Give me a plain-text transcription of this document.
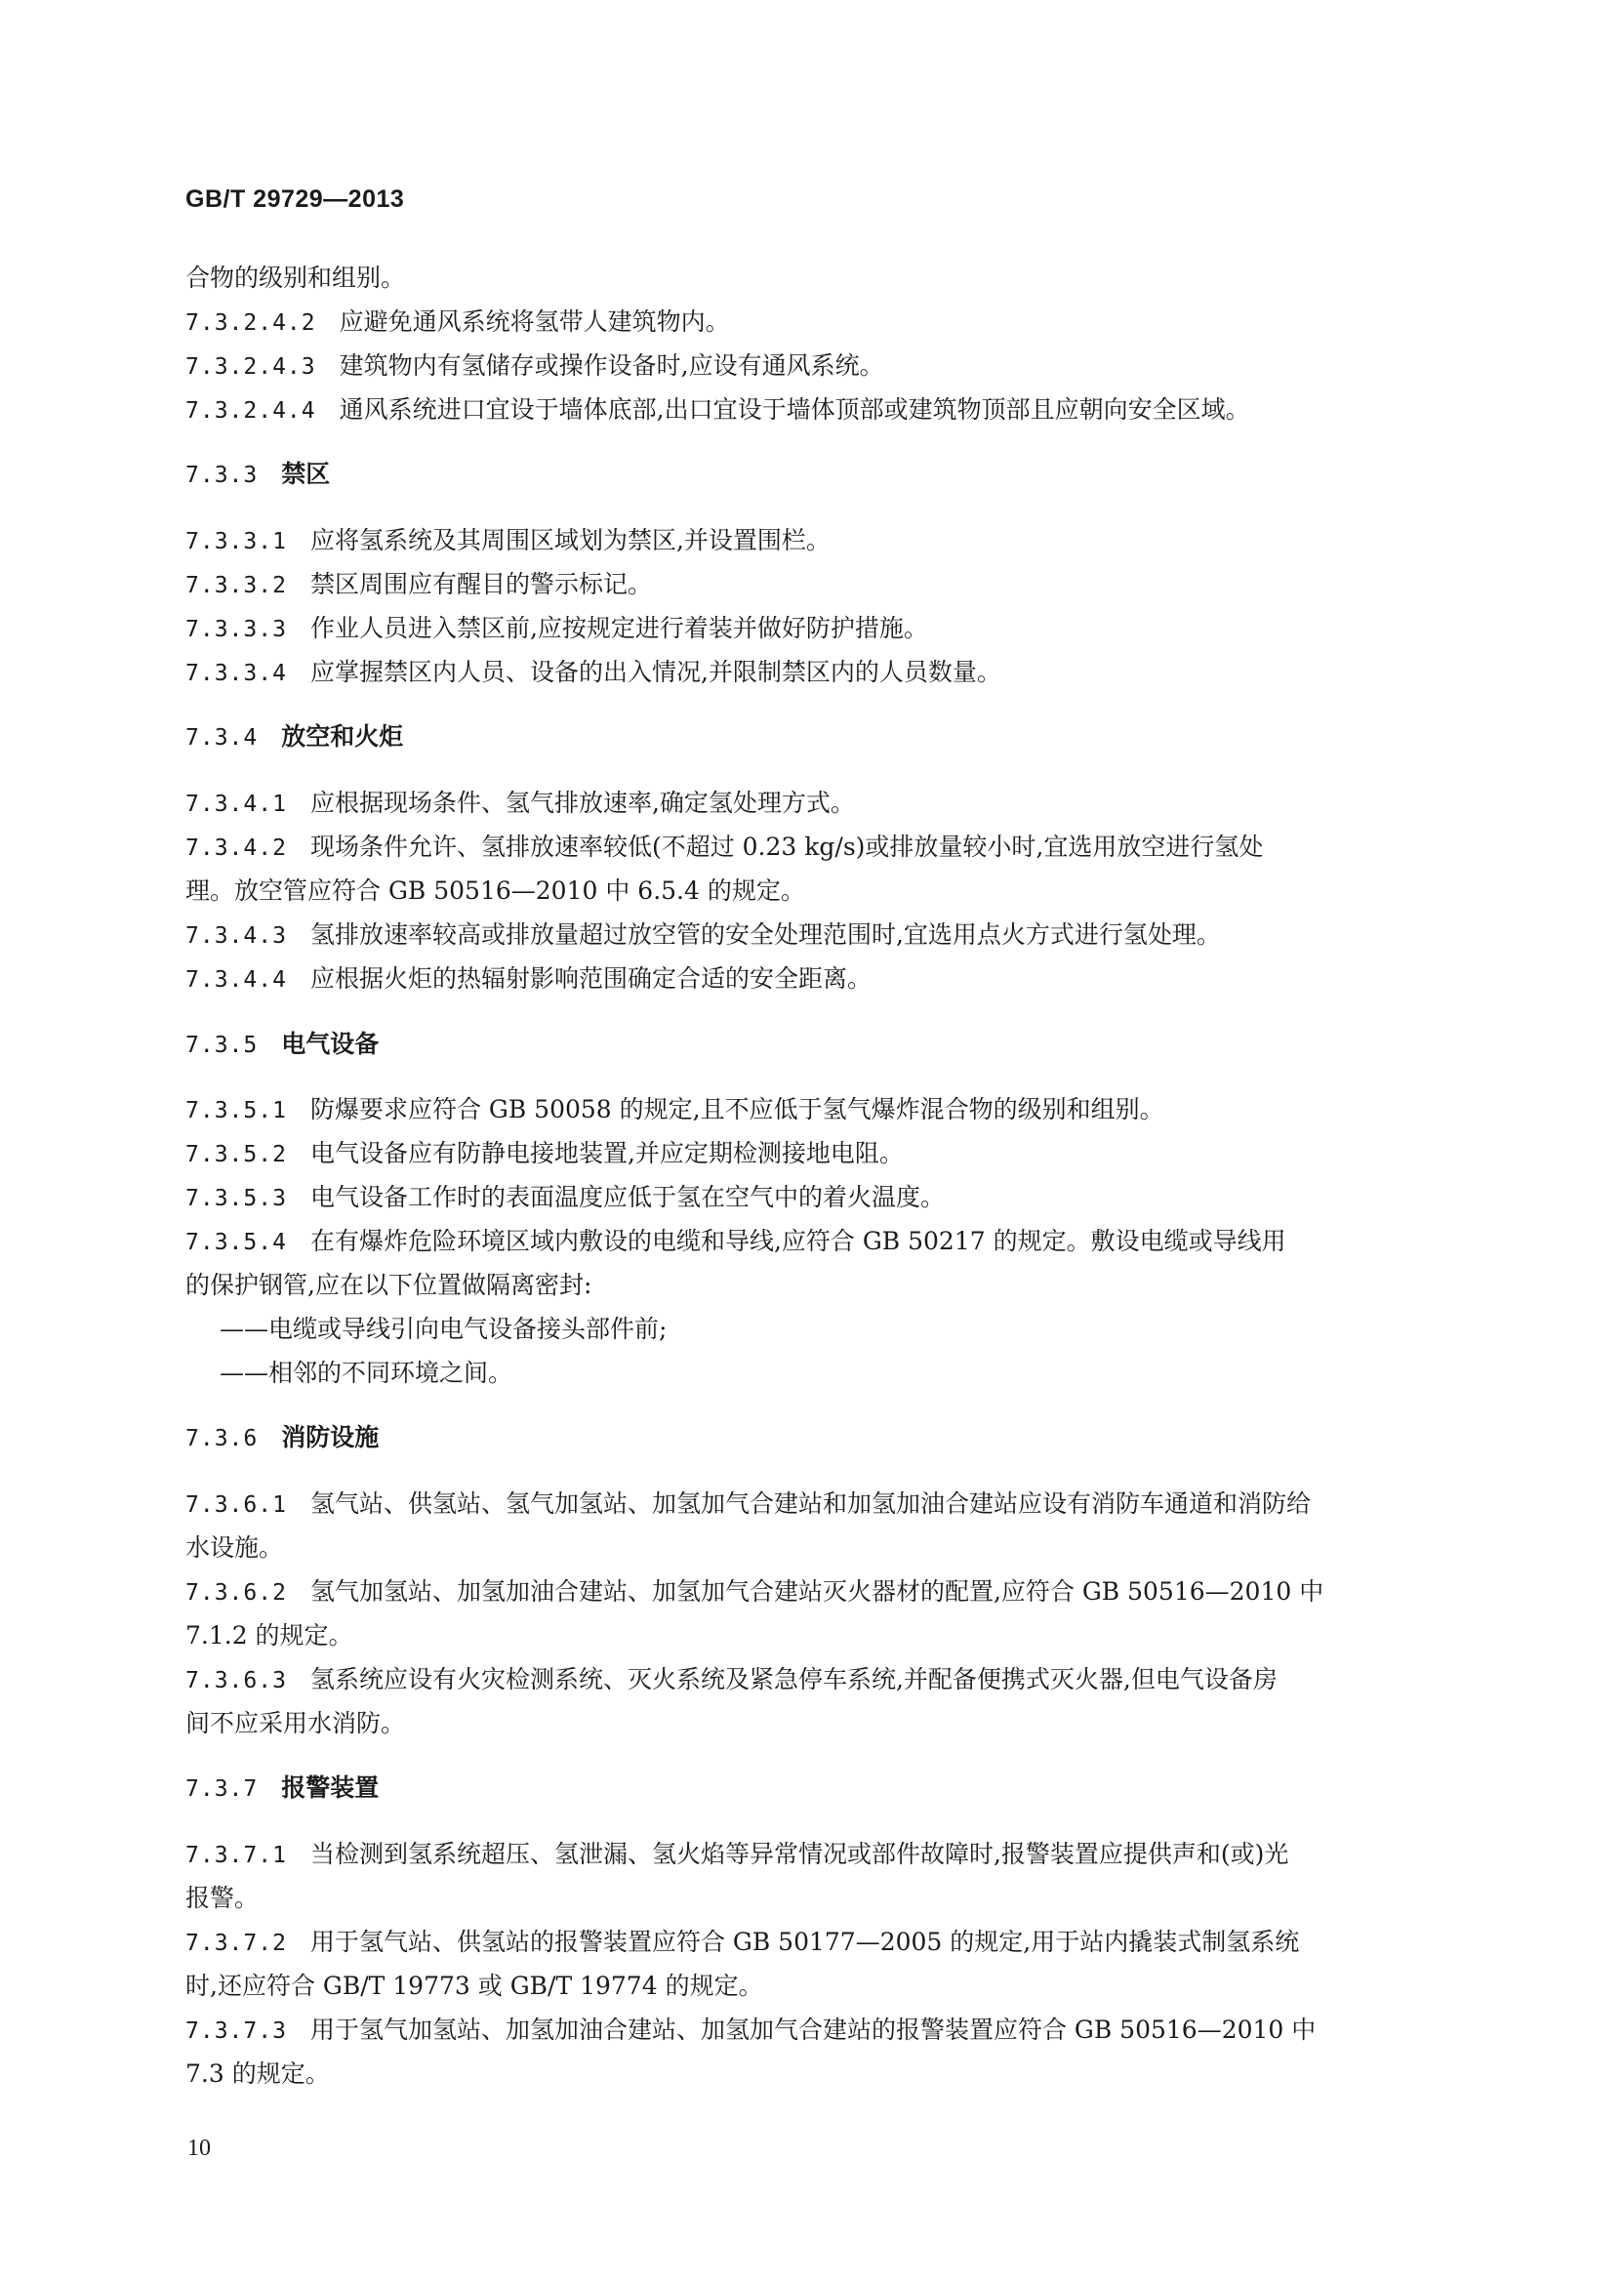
GB/T 29729—2013
合物的级别和组别。
7.3.2.4.2 应避免通风系统将氢带人建筑物内。
7.3.2.4.3 建筑物内有氢储存或操作设备时,应设有通风系统。
7.3.2.4.4 通风系统进口宜设于墙体底部,出口宜设于墙体顶部或建筑物顶部且应朝向安全区域。
7.3.3 禁区
7.3.3.1 应将氢系统及其周围区域划为禁区,并设置围栏。
7.3.3.2 禁区周围应有醒目的警示标记。
7.3.3.3 作业人员进入禁区前,应按规定进行着装并做好防护措施。
7.3.3.4 应掌握禁区内人员、设备的出入情况,并限制禁区内的人员数量。
7.3.4 放空和火炬
7.3.4.1 应根据现场条件、氢气排放速率,确定氢处理方式。
7.3.4.2 现场条件允许、氢排放速率较低(不超过 0.23 kg/s)或排放量较小时,宜选用放空进行氢处
理。放空管应符合 GB 50516—2010 中 6.5.4 的规定。
7.3.4.3 氢排放速率较高或排放量超过放空管的安全处理范围时,宜选用点火方式进行氢处理。
7.3.4.4 应根据火炬的热辐射影响范围确定合适的安全距离。
7.3.5 电气设备
7.3.5.1 防爆要求应符合 GB 50058 的规定,且不应低于氢气爆炸混合物的级别和组别。
7.3.5.2 电气设备应有防静电接地装置,并应定期检测接地电阻。
7.3.5.3 电气设备工作时的表面温度应低于氢在空气中的着火温度。
7.3.5.4 在有爆炸危险环境区域内敷设的电缆和导线,应符合 GB 50217 的规定。敷设电缆或导线用
的保护钢管,应在以下位置做隔离密封:
——电缆或导线引向电气设备接头部件前;
——相邻的不同环境之间。
7.3.6 消防设施
7.3.6.1 氢气站、供氢站、氢气加氢站、加氢加气合建站和加氢加油合建站应设有消防车通道和消防给
水设施。
7.3.6.2 氢气加氢站、加氢加油合建站、加氢加气合建站灭火器材的配置,应符合 GB 50516—2010 中
7.1.2 的规定。
7.3.6.3 氢系统应设有火灾检测系统、灭火系统及紧急停车系统,并配备便携式灭火器,但电气设备房
间不应采用水消防。
7.3.7 报警装置
7.3.7.1 当检测到氢系统超压、氢泄漏、氢火焰等异常情况或部件故障时,报警装置应提供声和(或)光
报警。
7.3.7.2 用于氢气站、供氢站的报警装置应符合 GB 50177—2005 的规定,用于站内撬装式制氢系统
时,还应符合 GB/T 19773 或 GB/T 19774 的规定。
7.3.7.3 用于氢气加氢站、加氢加油合建站、加氢加气合建站的报警装置应符合 GB 50516—2010 中
7.3 的规定。
10
